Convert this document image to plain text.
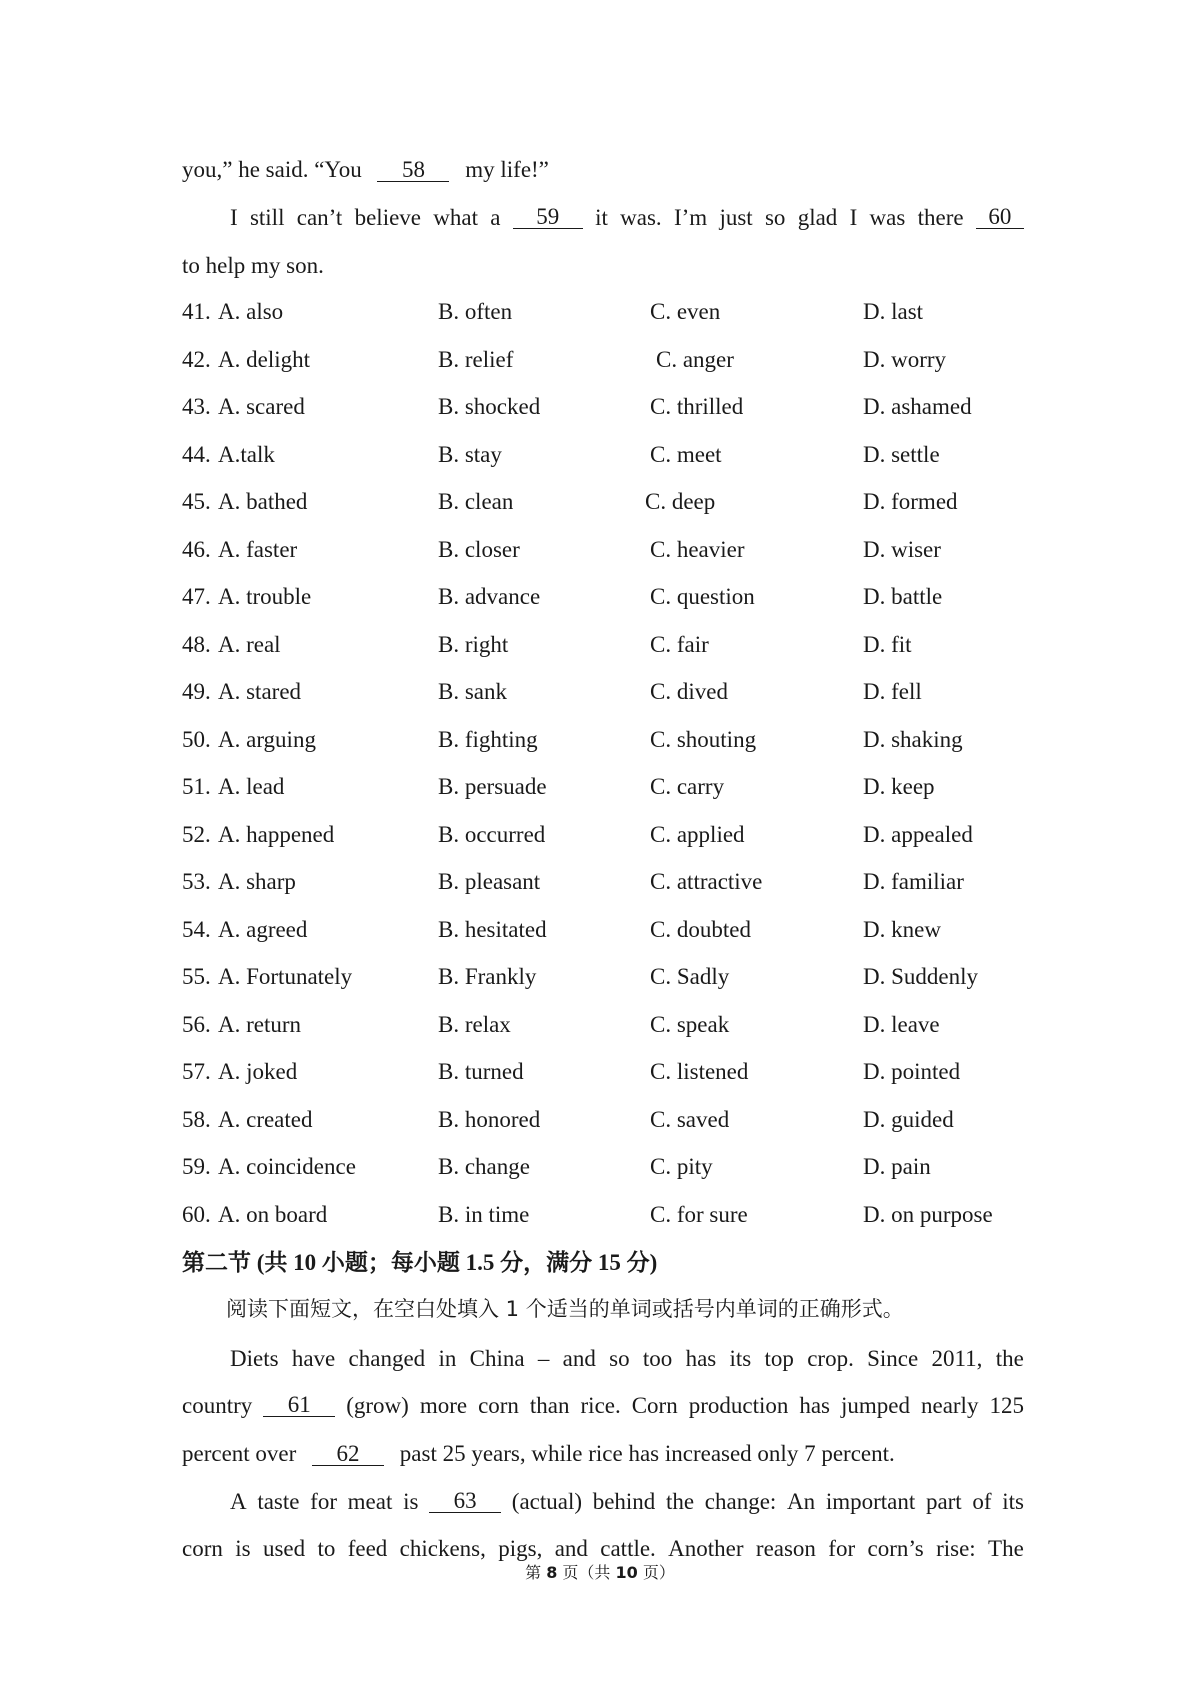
you,” he said. “You 58 my life!”
I still can’t believe what a	59	it was. I’m just so glad I was there	60
to help my son.
41. A. also	B. often	C. even	D. last
42. A. delight	B. relief	C. anger	D. worry
43. A. scared	B. shocked	C. thrilled	D. ashamed
44. A.talk	B. stay	C. meet	D. settle
45. A. bathed	B. clean	C. deep	D. formed
46. A. faster	B. closer	C. heavier	D. wiser
47. A. trouble	B. advance	C. question	D. battle
48. A. real	B. right	C. fair	D. fit
49. A. stared	B. sank	C. dived	D. fell
50. A. arguing	B. fighting	C. shouting	D. shaking
51. A. lead	B. persuade	C. carry	D. keep
52. A. happened	B. occurred	C. applied	D. appealed
53. A. sharp	B. pleasant	C. attractive	D. familiar
54. A. agreed	B. hesitated	C. doubted	D. knew
55. A. Fortunately	B. Frankly	C. Sadly	D. Suddenly
56. A. return	B. relax	C. speak	D. leave
57. A. joked	B. turned	C. listened	D. pointed
58. A. created	B. honored	C. saved	D. guided
59. A. coincidence	B. change	C. pity	D. pain
60. A. on board	B. in time	C. for sure	D. on purpose
第二节 (共 10 小题；每小题 1.5 分，满分 15 分)
阅读下面短文，在空白处填入 1 个适当的单词或括号内单词的正确形式。
Diets have changed in China – and so too has its top crop. Since 2011, the
country	61	(grow) more corn than rice. Corn production has jumped nearly 125
percent over 62 past 25 years, while rice has increased only 7 percent.
A taste for meat is	63	(actual) behind the change: An important part of its
corn is used to feed chickens, pigs, and cattle. Another reason for corn’s rise: The
第 8 页（共 10 页）
